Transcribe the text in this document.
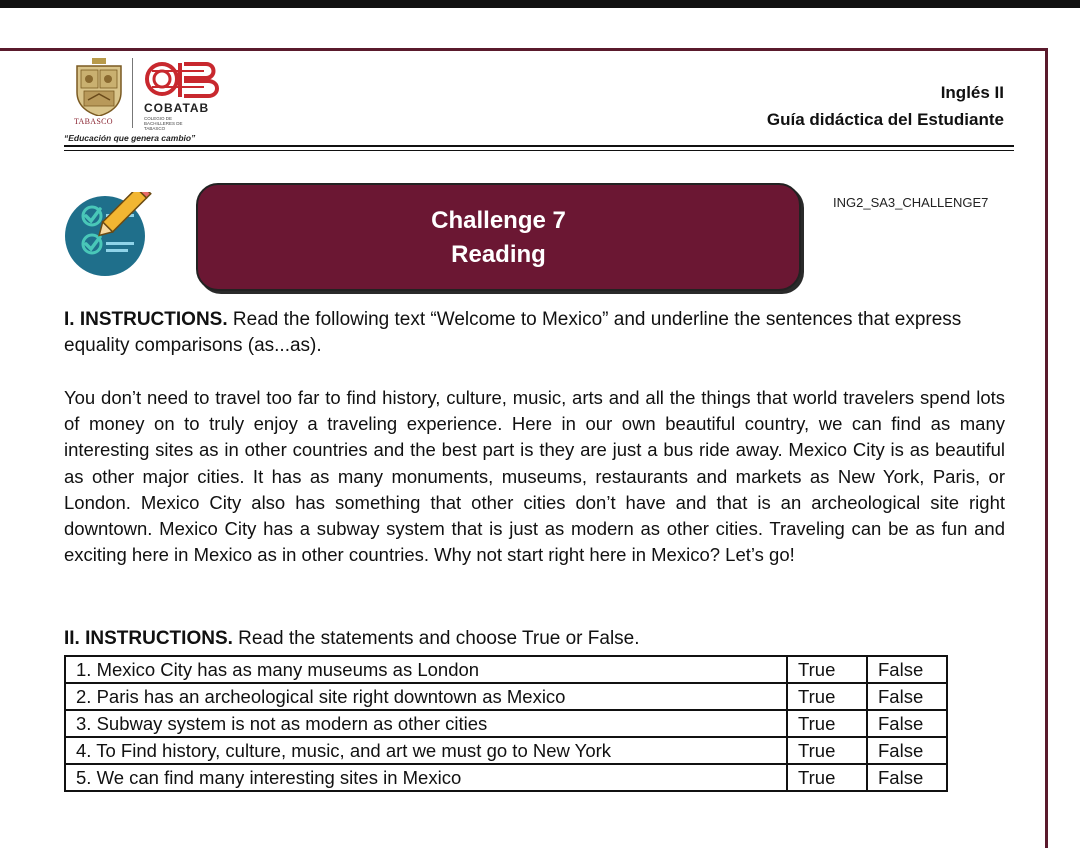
TABASCO
COBATAB
COLEGIO DE BACHILLERES DE TABASCO
“Educación que genera cambio”
Inglés II
Guía didáctica del Estudiante
Challenge 7
Reading
ING2_SA3_CHALLENGE7
I. INSTRUCTIONS. Read the following text “Welcome to Mexico” and underline the sentences that express equality comparisons (as...as).
You don’t need to travel too far to find history, culture, music, arts and all the things that world travelers spend lots of money on to truly enjoy a traveling experience. Here in our own beautiful country, we can find as many interesting sites as in other countries and the best part is they are just a bus ride away. Mexico City is as beautiful as other major cities. It has as many monuments, museums, restaurants and markets as New York, Paris, or London. Mexico City also has something that other cities don’t have and that is an archeological site right downtown. Mexico City has a subway system that is just as modern as other cities. Traveling can be as fun and exciting here in Mexico as in other countries. Why not start right here in Mexico? Let’s go!
II. INSTRUCTIONS. Read the statements and choose True or False.
1. Mexico City has as many museums as London	True	False
2. Paris has an archeological site right downtown as Mexico	True	False
3. Subway system is not as modern as other cities	True	False
4. To Find history, culture, music, and art we must go to New York	True	False
5. We can find many interesting sites in Mexico	True	False
